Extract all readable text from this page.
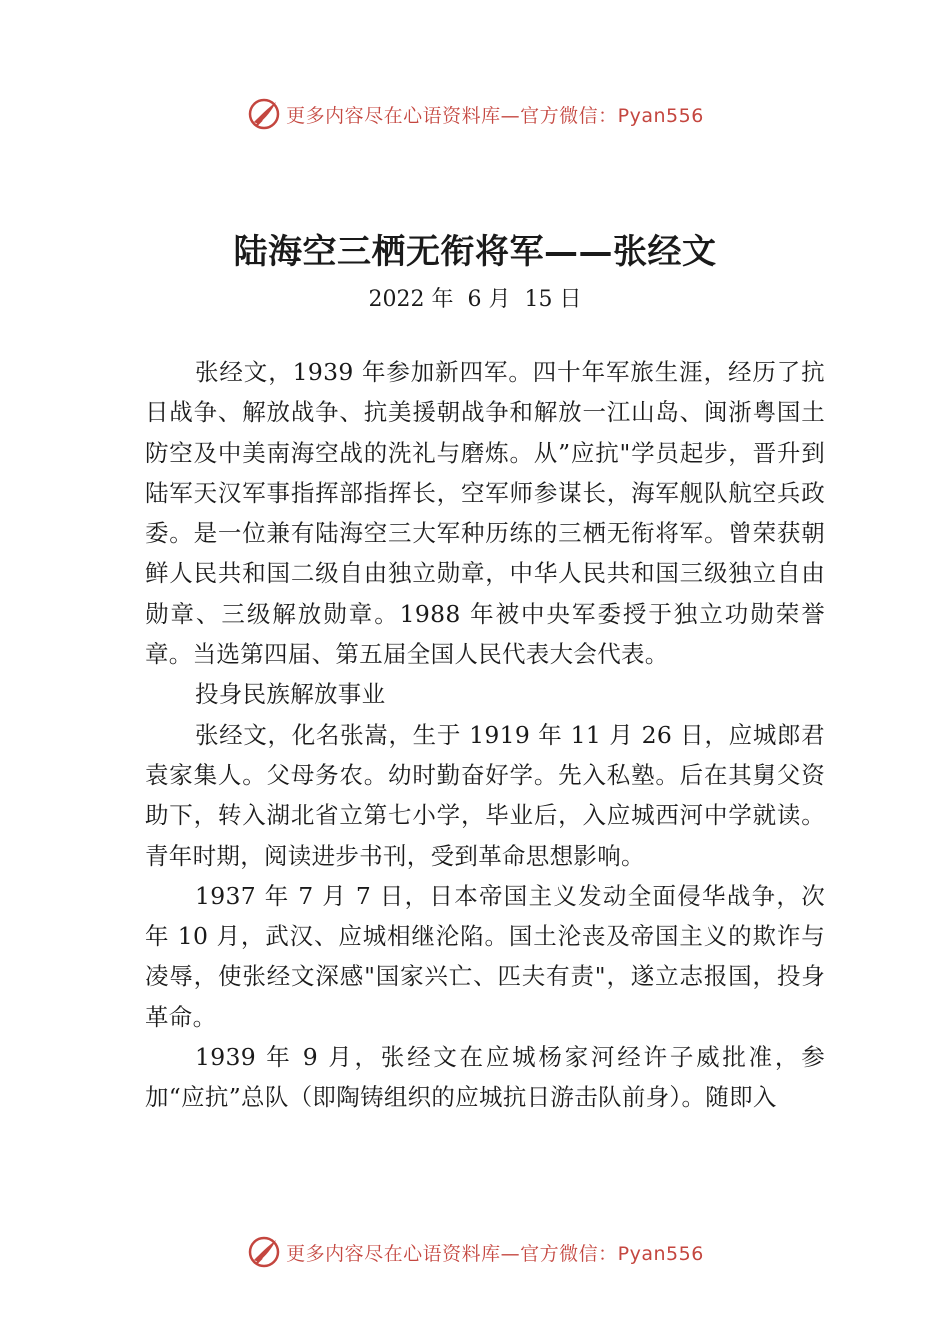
更多内容尽在心语资料库—官方微信：Pyan556
陆海空三栖无衔将军——张经文
2022 年  6 月  15 日

张经文，1939 年参加新四军。四十年军旅生涯，经历了抗日战争、解放战争、抗美援朝战争和解放一江山岛、闽浙粤国土防空及中美南海空战的洗礼与磨炼。从”应抗"学员起步，晋升到陆军天汉军事指挥部指挥长，空军师参谋长，海军舰队航空兵政委。是一位兼有陆海空三大军种历练的三栖无衔将军。曾荣获朝鲜人民共和国二级自由独立勋章，中华人民共和国三级独立自由勋章、三级解放勋章。1988 年被中央军委授于独立功勋荣誉章。当选第四届、第五届全国人民代表大会代表。

投身民族解放事业

张经文，化名张嵩，生于 1919 年 11 月 26 日，应城郎君袁家集人。父母务农。幼时勤奋好学。先入私塾。后在其舅父资助下，转入湖北省立第七小学，毕业后，入应城西河中学就读。青年时期，阅读进步书刊，受到革命思想影响。

1937 年 7 月 7 日，日本帝国主义发动全面侵华战争，次年 10 月，武汉、应城相继沦陷。国土沦丧及帝国主义的欺诈与凌辱，使张经文深感"国家兴亡、匹夫有责"，遂立志报国，投身革命。

1939 年 9 月，张经文在应城杨家河经许子威批准，参加“应抗”总队（即陶铸组织的应城抗日游击队前身）。随即入

更多内容尽在心语资料库—官方微信：Pyan556
